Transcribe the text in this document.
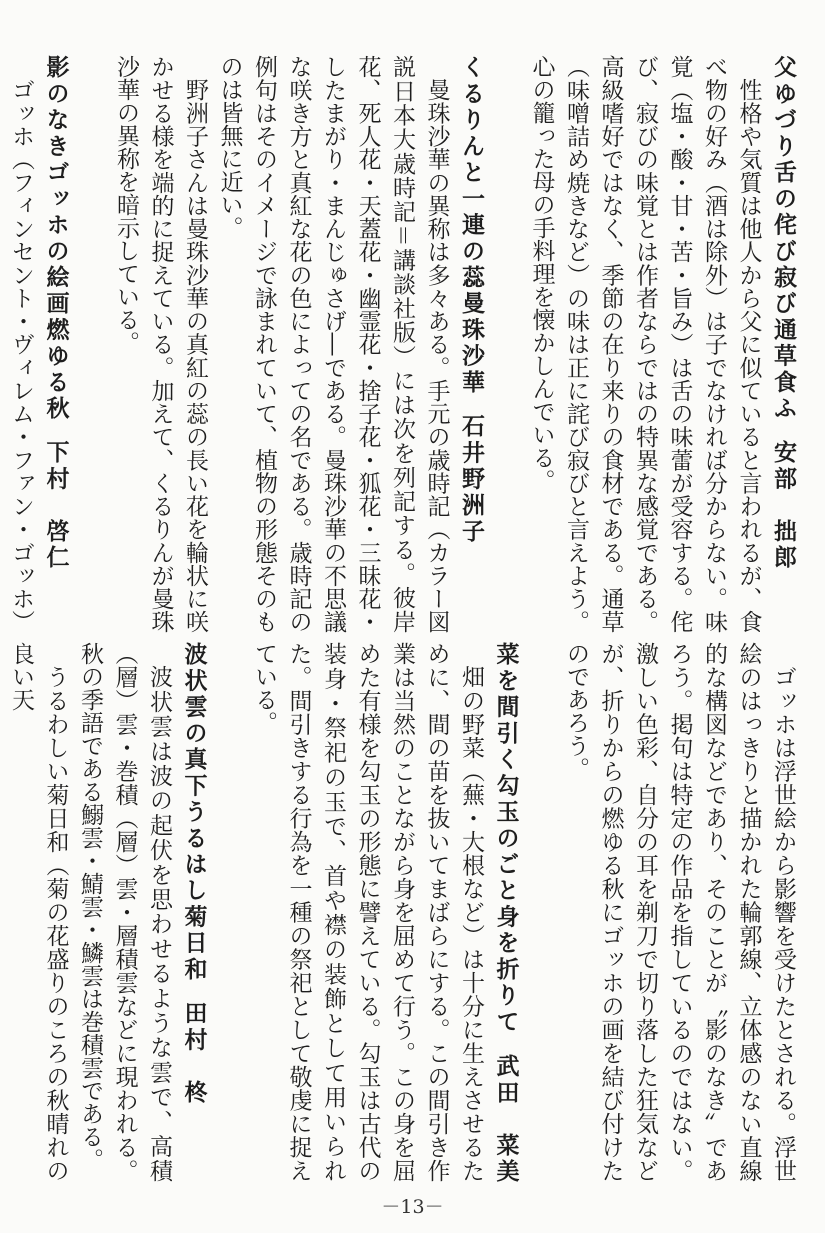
父ゆづり舌の侘び寂び通草食ふ安部　拙郎

性格や気質は他人から父に似ていると言われるが、食べ物の好み（酒は除外）は子でなければ分からない。味覚（塩・酸・甘・苦・旨み）は舌の味蕾が受容する。侘び、寂びの味覚とは作者ならではの特異な感覚である。高級嗜好ではなく、季節の在り来りの食材である。通草（味噌詰め焼きなど）の味は正に詫び寂びと言えよう。心の籠った母の手料理を懐かしんでいる。

くるりんと一連の蕊曼珠沙華石井野洲子

曼珠沙華の異称は多々ある。手元の歳時記（カラー図説日本大歳時記＝講談社版）には次を列記する。彼岸花、死人花・天蓋花・幽霊花・捨子花・狐花・三昧花・したまがり・まんじゅさげ―である。曼珠沙華の不思議な咲き方と真紅な花の色によっての名である。歳時記の例句はそのイメージで詠まれていて、植物の形態そのものは皆無に近い。

野洲子さんは曼珠沙華の真紅の蕊の長い花を輪状に咲かせる様を端的に捉えている。加えて、くるりんが曼珠沙華の異称を暗示している。

影のなきゴッホの絵画燃ゆる秋下村　啓仁

ゴッホ（フィンセント・ヴィレム・ファン・ゴッホ）

ゴッホは浮世絵から影響を受けたとされる。浮世絵のはっきりと描かれた輪郭線、立体感のない直線的な構図などであり、そのことが〝影のなき〟であろう。掲句は特定の作品を指しているのではない。激しい色彩、自分の耳を剃刀で切り落した狂気などが、折りからの燃ゆる秋にゴッホの画を結び付けたのであろう。

菜を間引く勾玉のごと身を折りて武田　菜美

畑の野菜（蕪・大根など）は十分に生えさせるために、間の苗を抜いてまばらにする。この間引き作業は当然のことながら身を屈めて行う。この身を屈めた有様を勾玉の形態に譬えている。勾玉は古代の装身・祭祀の玉で、首や襟の装飾として用いられた。間引きする行為を一種の祭祀として敬虔に捉えている。

波状雲の真下うるはし菊日和田村　柊

波状雲は波の起伏を思わせるような雲で、高積（層）雲・巻積（層）雲・層積雲などに現われる。秋の季語である鰯雲・鯖雲・鱗雲は巻積雲である。

うるわしい菊日和（菊の花盛りのころの秋晴れの良い天

－13－
